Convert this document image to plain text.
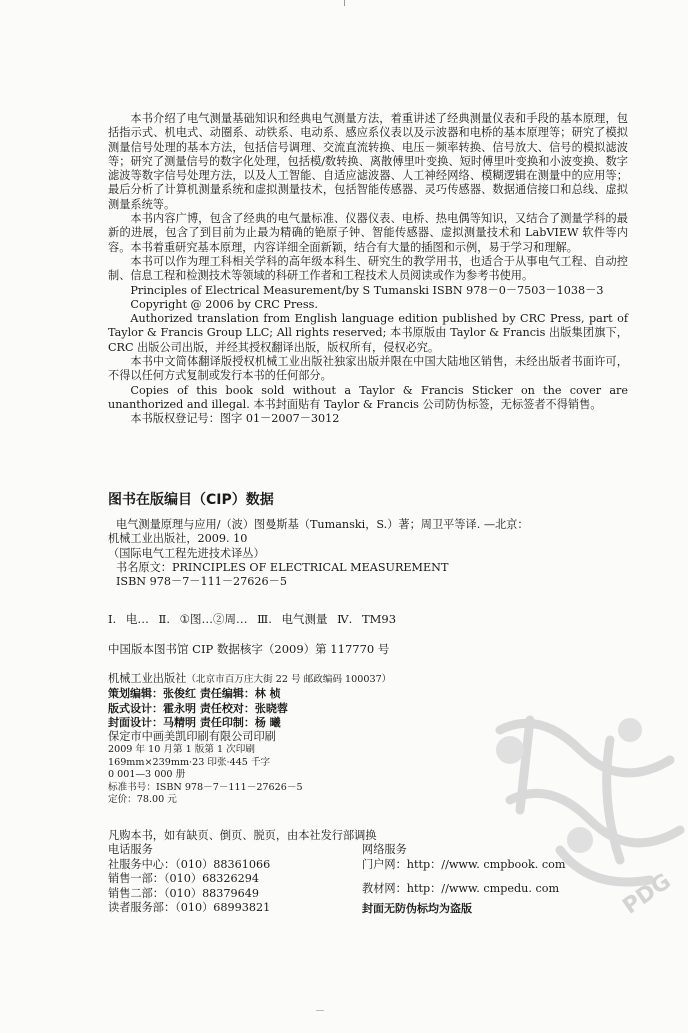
本书介绍了电气测量基础知识和经典电气测量方法，着重讲述了经典测量仪表和手段的基本原理，包括指示式、机电式、动圈系、动铁系、电动系、感应系仪表以及示波器和电桥的基本原理等；研究了模拟测量信号处理的基本方法，包括信号调理、交流直流转换、电压－频率转换、信号放大、信号的模拟滤波等；研究了测量信号的数字化处理，包括模/数转换、离散傅里叶变换、短时傅里叶变换和小波变换、数字滤波等数字信号处理方法，以及人工智能、自适应滤波器、人工神经网络、模糊逻辑在测量中的应用等；最后分析了计算机测量系统和虚拟测量技术，包括智能传感器、灵巧传感器、数据通信接口和总线、虚拟测量系统等。

本书内容广博，包含了经典的电气量标准、仪器仪表、电桥、热电偶等知识，又结合了测量学科的最新的进展，包含了到目前为止最为精确的铯原子钟、智能传感器、虚拟测量技术和 LabVIEW 软件等内容。本书着重研究基本原理，内容详细全面新颖，结合有大量的插图和示例，易于学习和理解。

本书可以作为理工科相关学科的高年级本科生、研究生的教学用书，也适合于从事电气工程、自动控制、信息工程和检测技术等领域的科研工作者和工程技术人员阅读或作为参考书使用。

Principles of Electrical Measurement/by S Tumanski ISBN 978－0－7503－1038－3

Copyright @ 2006 by CRC Press.

Authorized translation from English language edition published by CRC Press, part of Taylor & Francis Group LLC; All rights reserved; 本书原版由 Taylor & Francis 出版集团旗下，CRC 出版公司出版，并经其授权翻译出版，版权所有，侵权必究。

本书中文简体翻译版授权机械工业出版社独家出版并限在中国大陆地区销售，未经出版者书面许可，不得以任何方式复制或发行本书的任何部分。

Copies of this book sold without a Taylor & Francis Sticker on the cover are unanthorized and illegal. 本书封面贴有 Taylor & Francis 公司防伪标签，无标签者不得销售。

本书版权登记号：图字 01－2007－3012

图书在版编目（CIP）数据
电气测量原理与应用/（波）图曼斯基（Tumanski，S.）著；周卫平等译. —北京：
机械工业出版社，2009. 10
（国际电气工程先进技术译丛）
书名原文：PRINCIPLES OF ELECTRICAL MEASUREMENT
ISBN 978－7－111－27626－5
Ⅰ. 电… Ⅱ. ①图…②周… Ⅲ. 电气测量 Ⅳ. TM93
中国版本图书馆 CIP 数据核字（2009）第 117770 号
机械工业出版社（北京市百万庄大街 22 号 邮政编码 100037）
策划编辑：张俊红 责任编辑：林 桢
版式设计：霍永明 责任校对：张晓蓉
封面设计：马精明 责任印制：杨 曦
保定市中画美凯印刷有限公司印刷
2009 年 10 月第 1 版第 1 次印刷
169mm×239mm·23 印张·445 千字
0 001—3 000 册
标准书号：ISBN 978－7－111－27626－5
定价：78.00 元
凡购本书，如有缺页、倒页、脱页，由本社发行部调换
电话服务
社服务中心：（010）88361066
销售一部：（010）68326294
销售二部：（010）88379649
读者服务部：（010）68993821
网络服务
门户网：http：//www. cmpbook. com
教材网：http：//www. cmpedu. com
封面无防伪标均为盗版	PDG
